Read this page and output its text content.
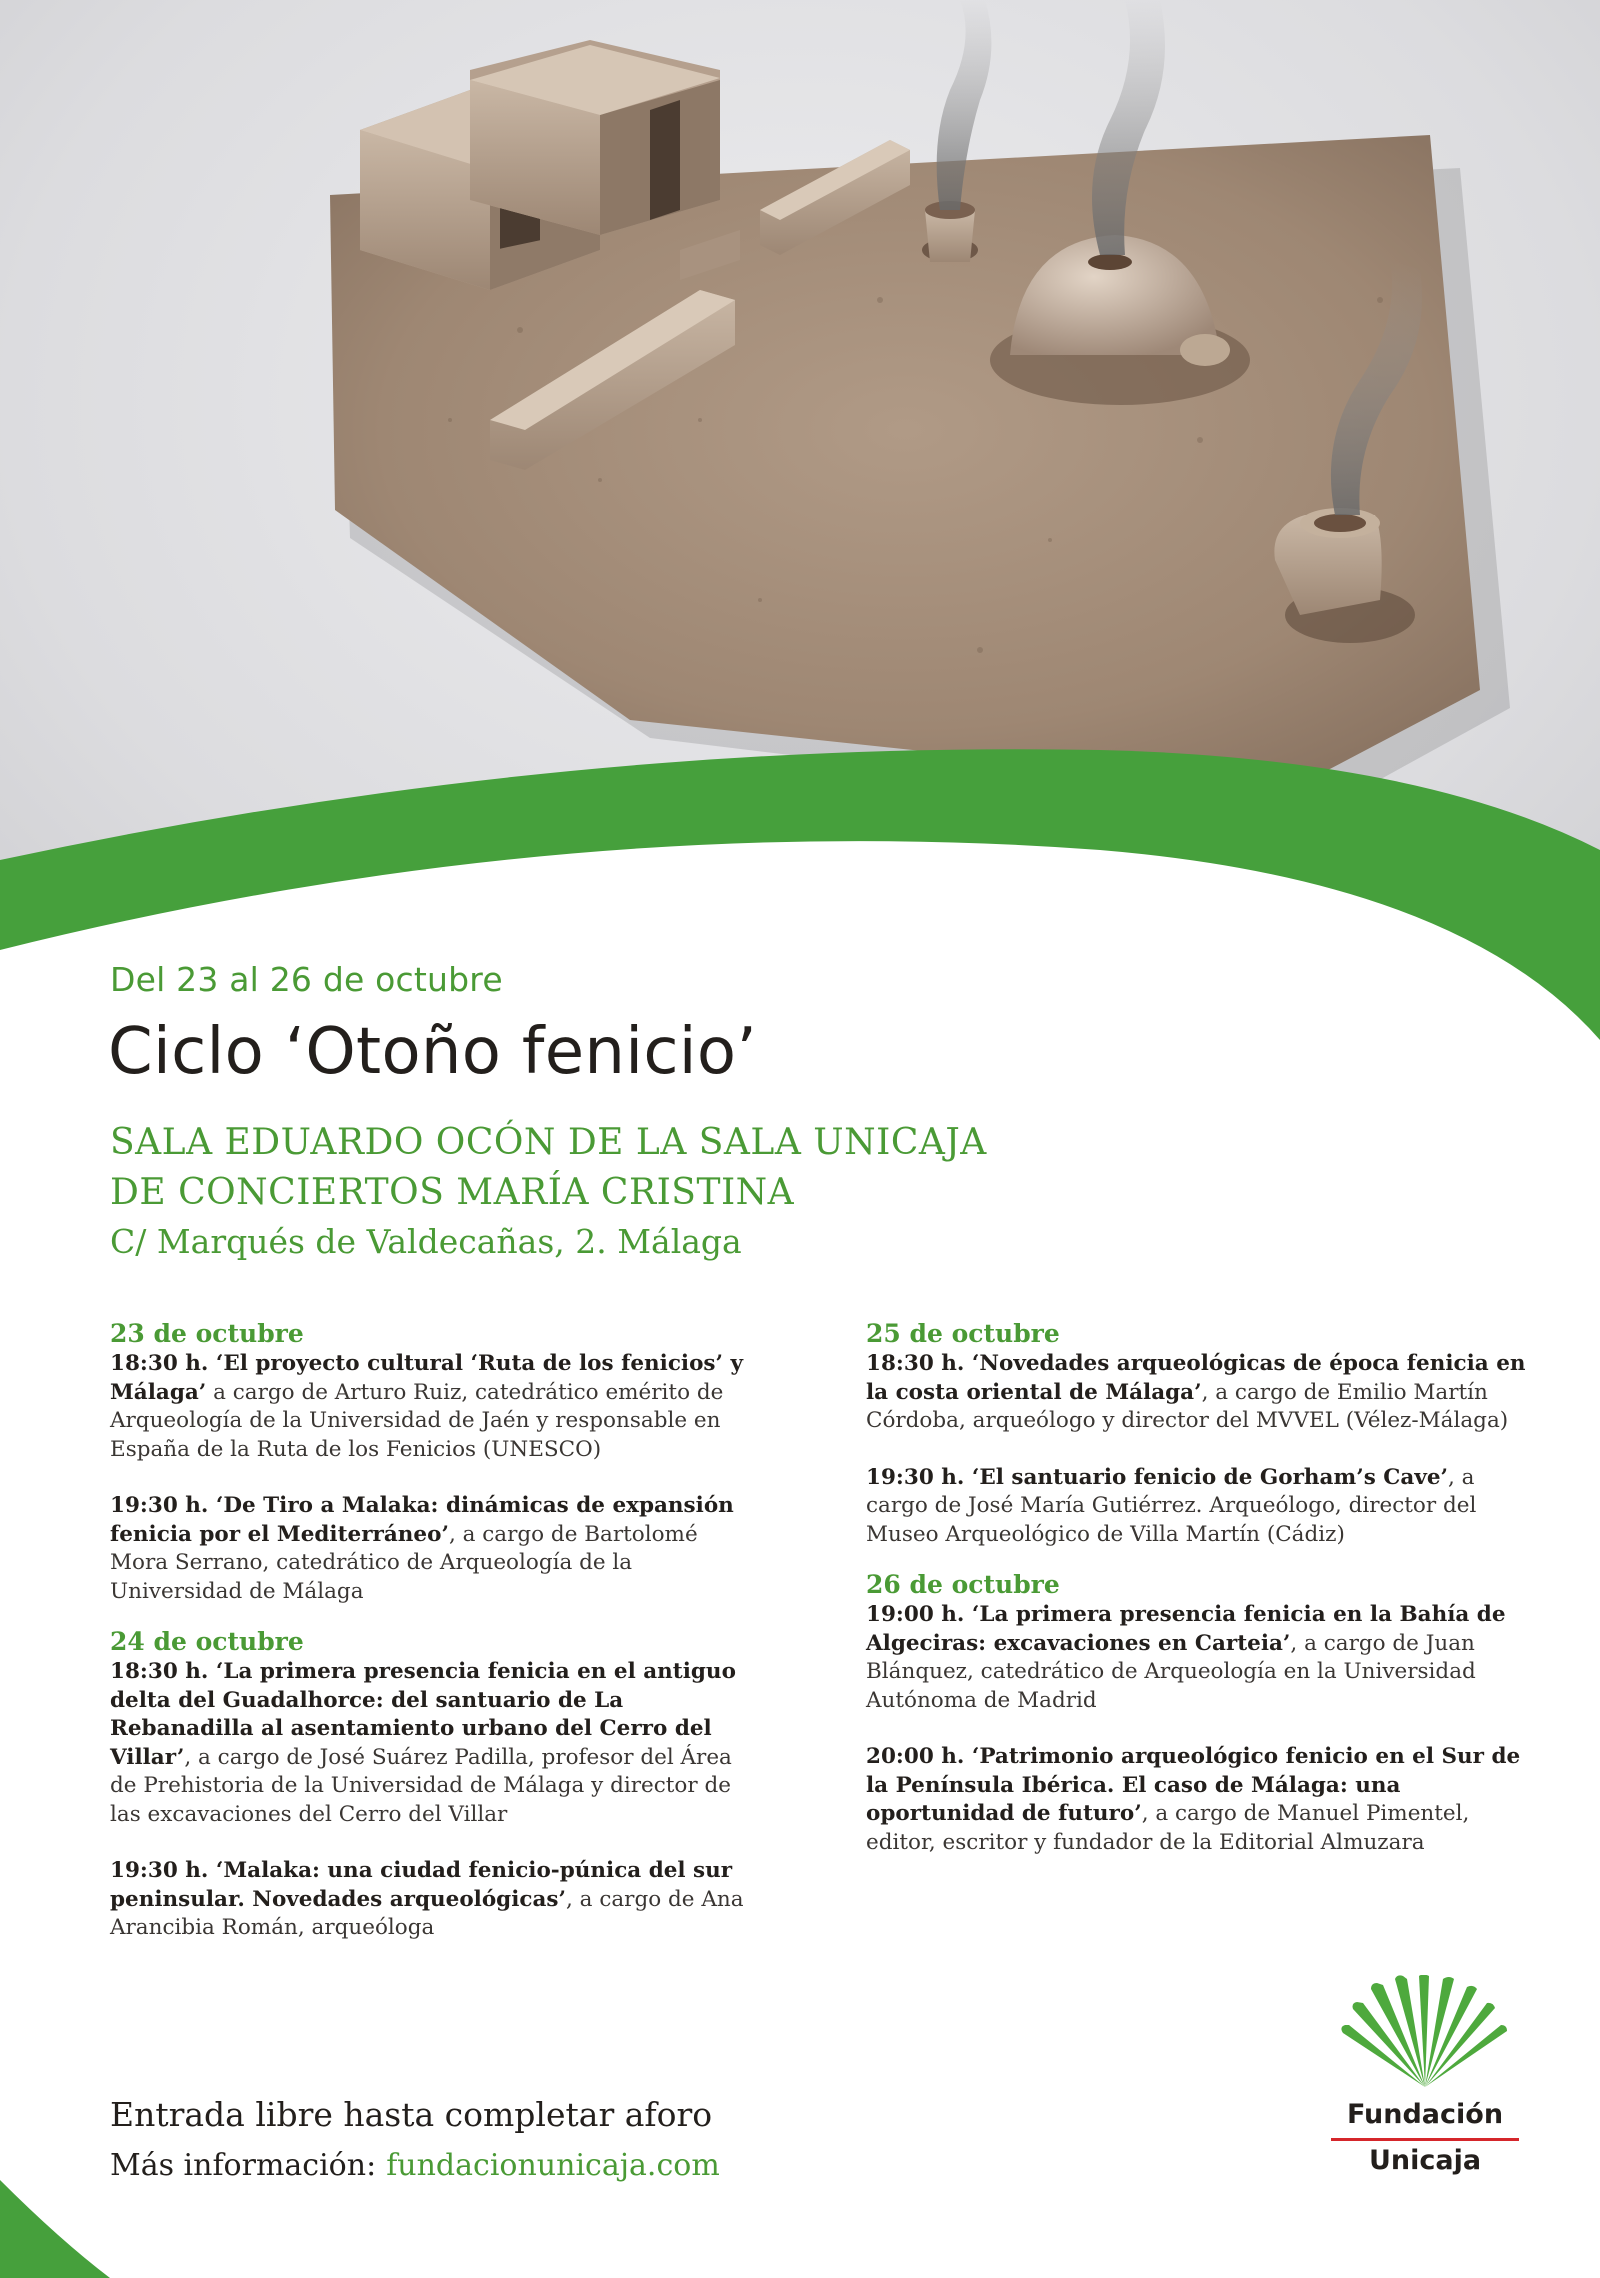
Del 23 al 26 de octubre
Ciclo ‘Otoño fenicio’
SALA EDUARDO OCÓN DE LA SALA UNICAJA
DE CONCIERTOS MARÍA CRISTINA
C/ Marqués de Valdecañas, 2. Málaga
23 de octubre

18:30 h. ‘El proyecto cultural ‘Ruta de los fenicios’ y Málaga’ a cargo de Arturo Ruiz, catedrático emérito de Arqueología de la Universidad de Jaén y responsable en España de la Ruta de los Fenicios (UNESCO)

19:30 h. ‘De Tiro a Malaka: dinámicas de expansión fenicia por el Mediterráneo’, a cargo de Bartolomé Mora Serrano, catedrático de Arqueología de la Universidad de Málaga

24 de octubre

18:30 h. ‘La primera presencia fenicia en el antiguo delta del Guadalhorce: del santuario de La Rebanadilla al asentamiento urbano del Cerro del Villar’, a cargo de José Suárez Padilla, profesor del Área de Prehistoria de la Universidad de Málaga y director de las excavaciones del Cerro del Villar

19:30 h. ‘Malaka: una ciudad fenicio-púnica del sur peninsular. Novedades arqueológicas’, a cargo de Ana Arancibia Román, arqueóloga

25 de octubre

18:30 h. ‘Novedades arqueológicas de época fenicia en la costa oriental de Málaga’, a cargo de Emilio Martín Córdoba, arqueólogo y director del MVVEL (Vélez-Málaga)

19:30 h. ‘El santuario fenicio de Gorham’s Cave’, a cargo de José María Gutiérrez. Arqueólogo, director del Museo Arqueológico de Villa Martín (Cádiz)

26 de octubre

19:00 h. ‘La primera presencia fenicia en la Bahía de Algeciras: excavaciones en Carteia’, a cargo de Juan Blánquez, catedrático de Arqueología en la Universidad Autónoma de Madrid

20:00 h. ‘Patrimonio arqueológico fenicio en el Sur de la Península Ibérica. El caso de Málaga: una oportunidad de futuro’, a cargo de Manuel Pimentel, editor, escritor y fundador de la Editorial Almuzara

Entrada libre hasta completar aforo
Más información: fundacionunicaja.com
Fundación
Unicaja
